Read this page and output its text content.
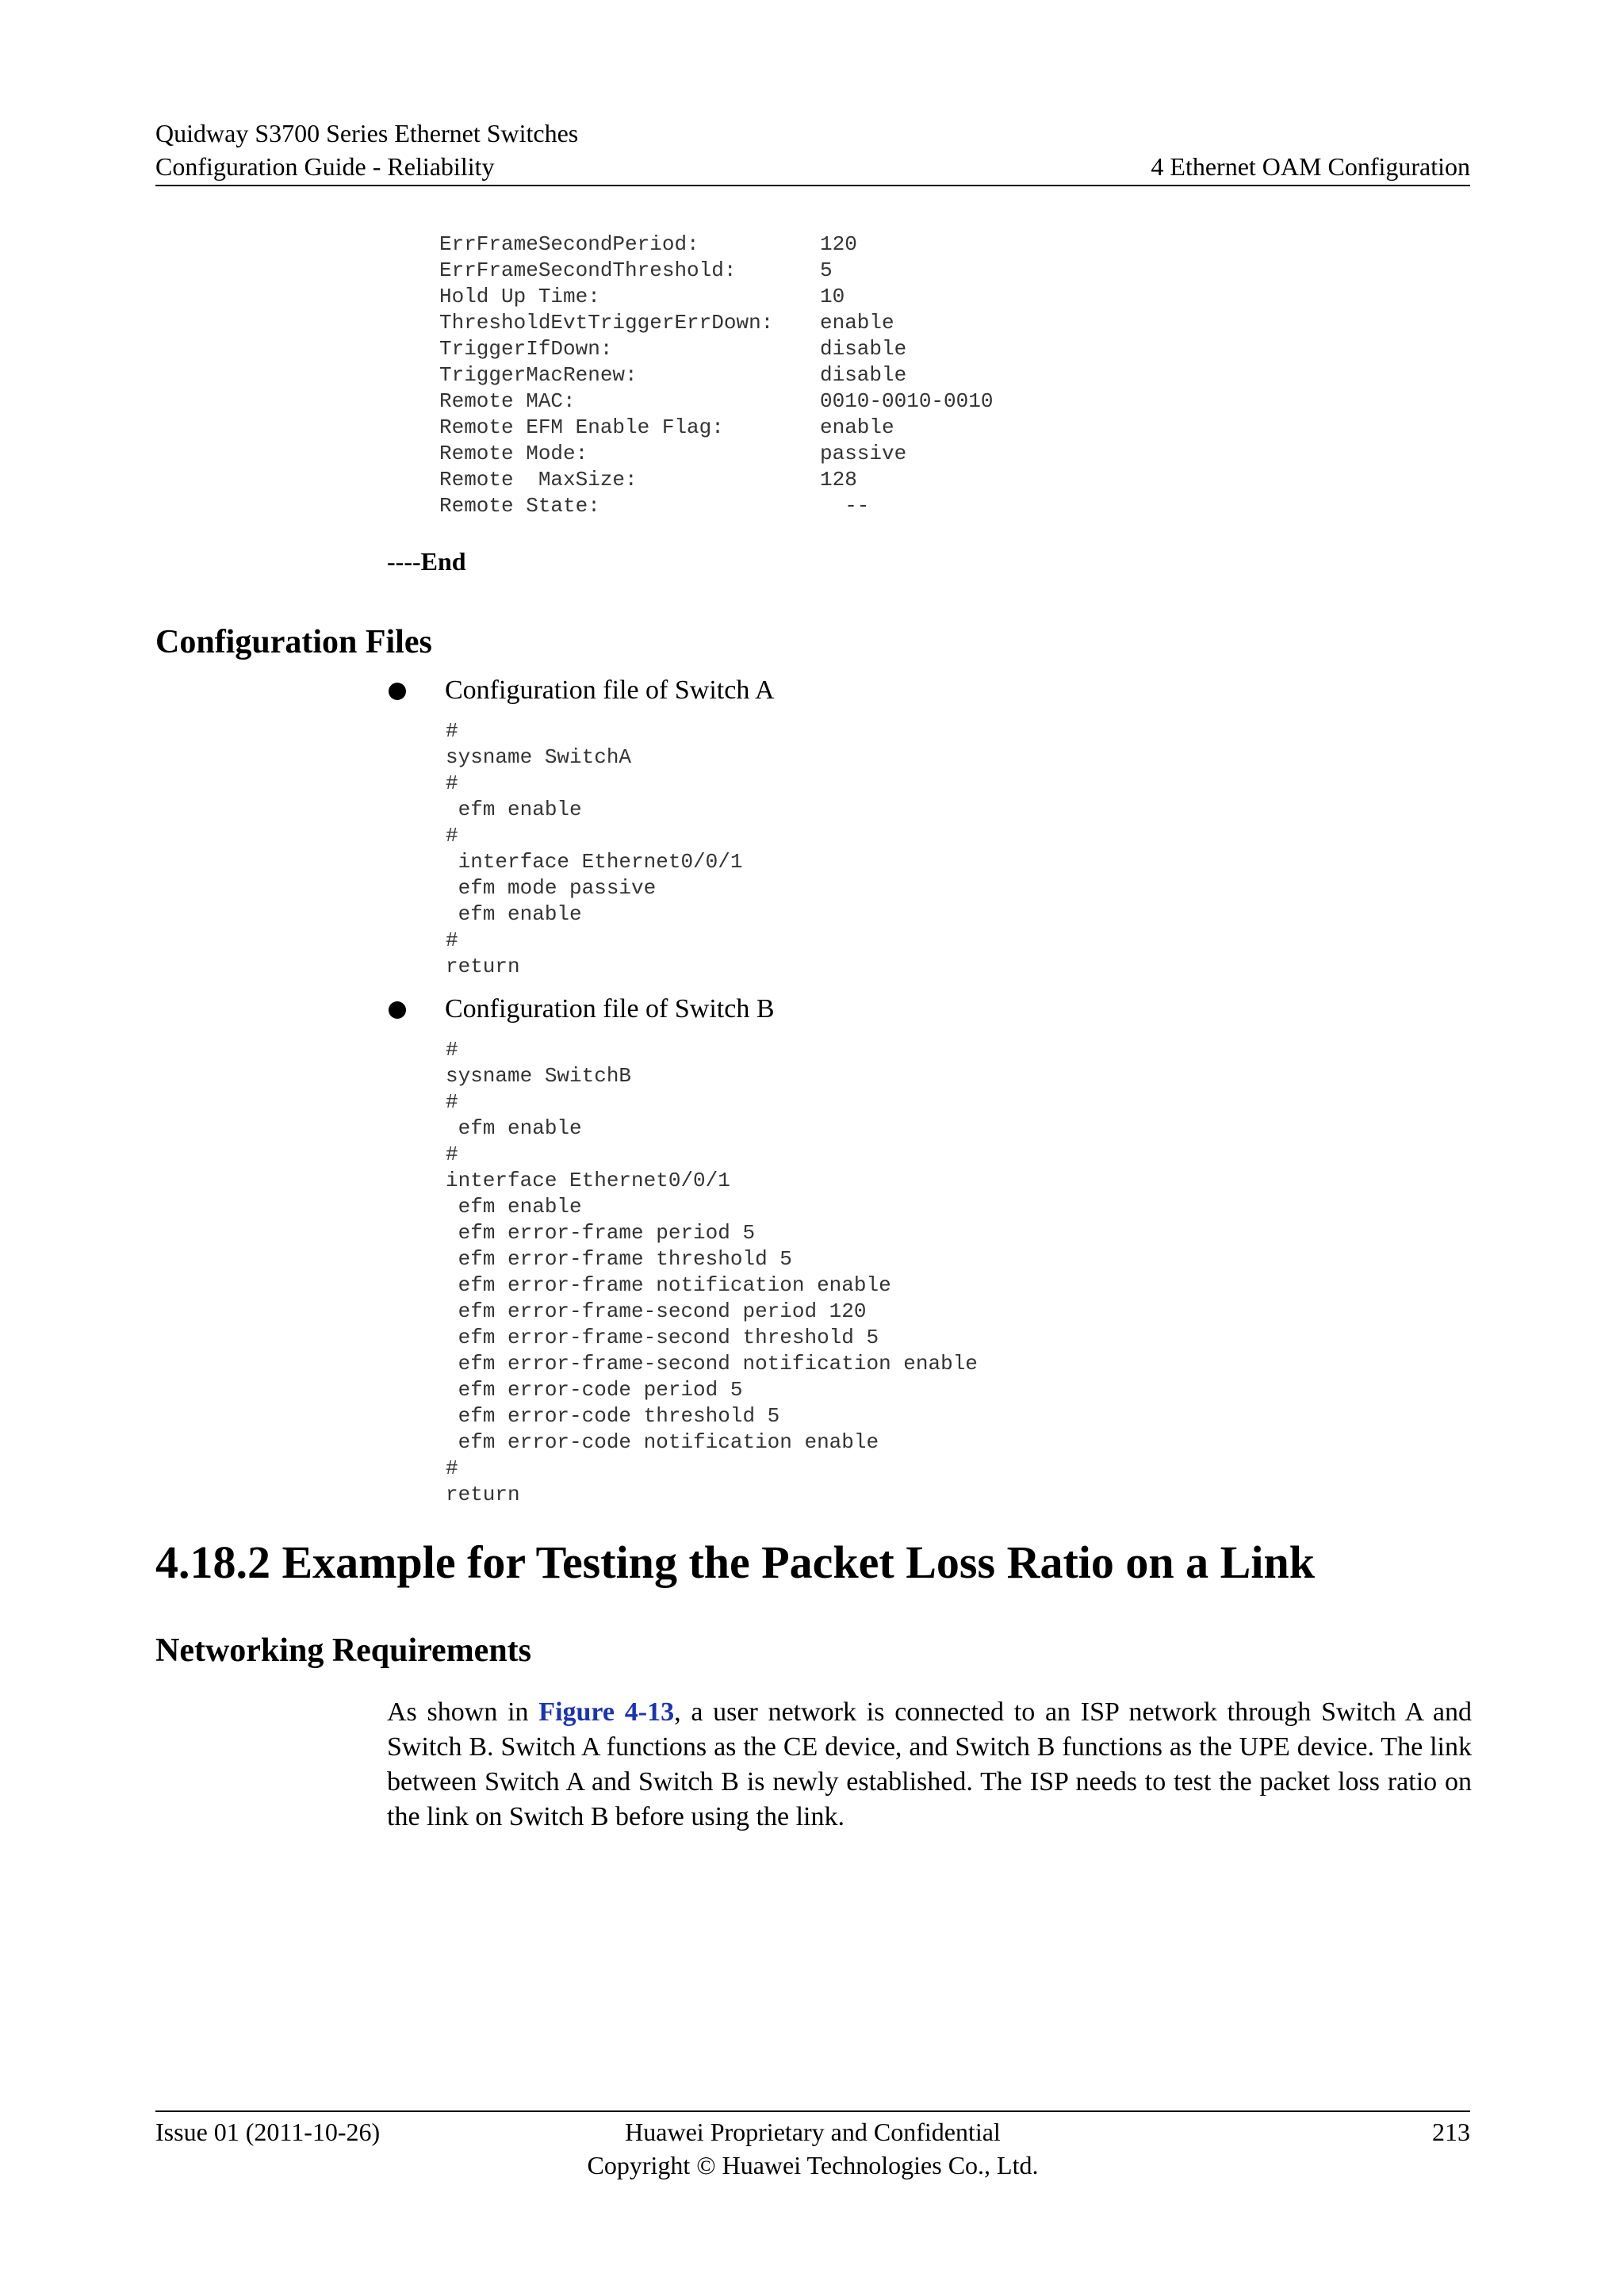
Quidway S3700 Series Ethernet Switches
Configuration Guide - Reliability	4 Ethernet OAM Configuration
ErrFrameSecondPeriod:	120
ErrFrameSecondThreshold:	5
Hold Up Time:	10
ThresholdEvtTriggerErrDown: enable
TriggerIfDown:	disable
TriggerMacRenew:	disable
Remote MAC:	0010-0010-0010
Remote EFM Enable Flag:	enable
Remote Mode:	passive
Remote  MaxSize:	128
Remote State:	--
----End
Configuration Files
Configuration file of Switch A
#
sysname SwitchA
#
efm enable
#
interface Ethernet0/0/1
efm mode passive
efm enable
#
return
Configuration file of Switch B
#
sysname SwitchB
#
efm enable
#
interface Ethernet0/0/1
efm enable
efm error-frame period 5
efm error-frame threshold 5
efm error-frame notification enable
efm error-frame-second period 120
efm error-frame-second threshold 5
efm error-frame-second notification enable
efm error-code period 5
efm error-code threshold 5
efm error-code notification enable
#
return
4.18.2 Example for Testing the Packet Loss Ratio on a Link
Networking Requirements

As shown in Figure 4-13, a user network is connected to an ISP network through Switch A and Switch B. Switch A functions as the CE device, and Switch B functions as the UPE device. The link between Switch A and Switch B is newly established. The ISP needs to test the packet loss ratio on the link on Switch B before using the link.

Issue 01 (2011-10-26)	Huawei Proprietary and Confidential
Copyright © Huawei Technologies Co., Ltd.
213
